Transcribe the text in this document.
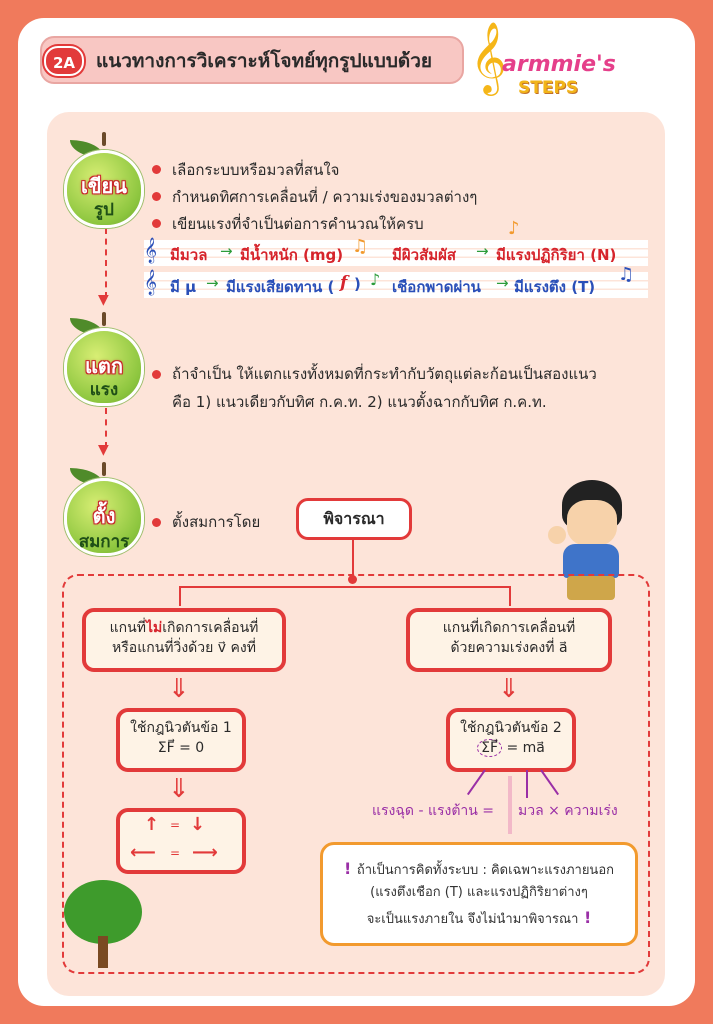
2A	แนวทางการวิเคราะห์โจทย์ทุกรูปแบบด้วย 𝄞
armmie's
STEPS
▼
▼
เขียน
รูป
เลือกระบบหรือมวลที่สนใจ
กำหนดทิศการเคลื่อนที่ / ความเร่งของมวลต่างๆ
เขียนแรงที่จำเป็นต่อการคำนวณให้ครบ
𝄞 มีมวล → มีน้ำหนัก (mg) ♫ มีผิวสัมผัส → มีแรงปฏิกิริยา (N)
♪
𝄞 มี μ → มีแรงเสียดทาน ( f ) ♪ เชือกพาดผ่าน → มีแรงตึง (T)
♫
แตก
แรง
ถ้าจำเป็น ให้แตกแรงทั้งหมดที่กระทำกับวัตถุแต่ละก้อนเป็นสองแนว
คือ 1) แนวเดียวกับทิศ ก.ค.ท. 2) แนวตั้งฉากกับทิศ ก.ค.ท.
ตั้ง
สมการ
ตั้งสมการโดย	พิจารณา
แกนที่ไม่เกิดการเคลื่อนที่
หรือแกนที่วิ่งด้วย v⃗ คงที่
⇓
ใช้กฎนิวตันข้อ 1
ΣF⃗ = 0
⇓
↑ = ↓
⟵ = ⟶
แกนที่เกิดการเคลื่อนที่
ด้วยความเร่งคงที่ a⃗
⇓
ใช้กฎนิวตันข้อ 2
ΣF⃗ = ma⃗
แรงฉุด - แรงต้าน = มวล × ความเร่ง
! ถ้าเป็นการคิดทั้งระบบ : คิดเฉพาะแรงภายนอก
(แรงตึงเชือก (T) และแรงปฏิกิริยาต่างๆ
จะเป็นแรงภายใน จึงไม่นำมาพิจารณา !
